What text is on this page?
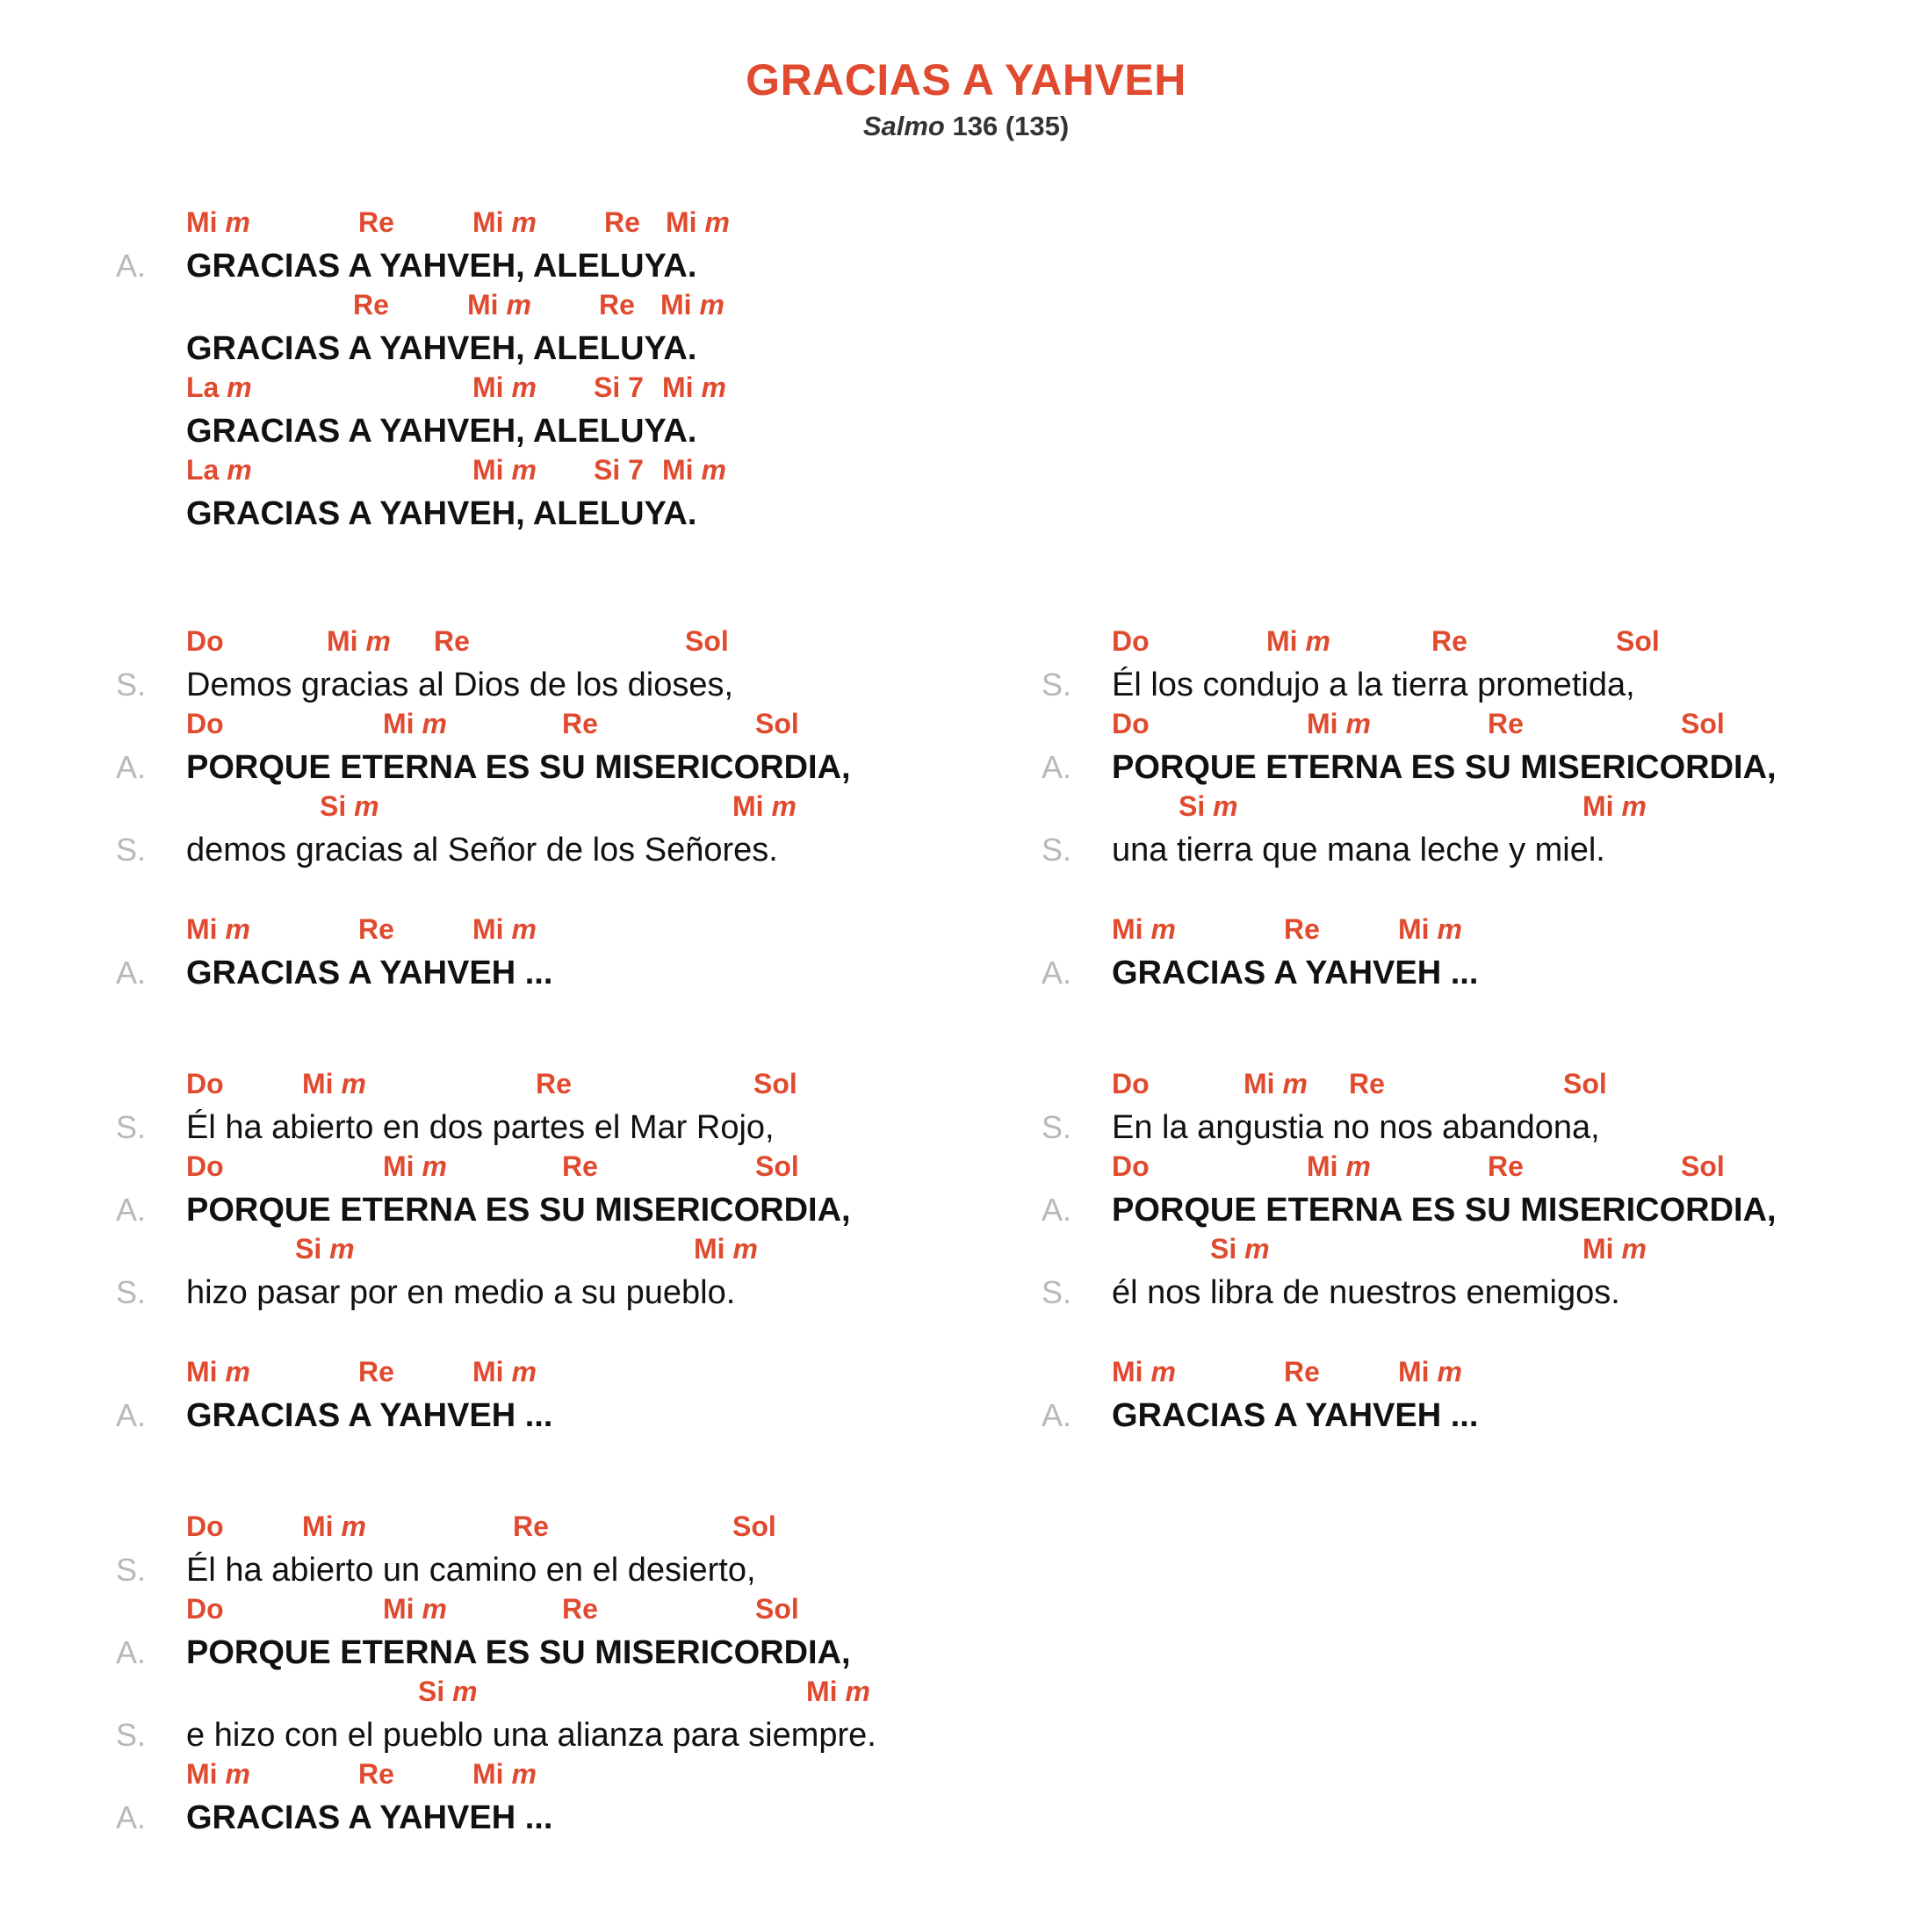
GRACIAS A YAHVEH
Salmo 136 (135)
Mi m	Re	Mi m Re Mi m
A. GRACIAS A YAHVEH, ALELUYA.
Re	Mi m Re Mi m
GRACIAS A YAHVEH, ALELUYA.
La m	Mi m Si 7 Mi m
GRACIAS A YAHVEH, ALELUYA.
La m	Mi m Si 7 Mi m
GRACIAS A YAHVEH, ALELUYA.
Do	Mi m Re	Sol
S. Demos gracias al Dios de los dioses,
Do	Mi m	Re	Sol
A. PORQUE ETERNA ES SU MISERICORDIA,
Si m	Mi m
S. demos gracias al Señor de los Señores.
Mi m	Re	Mi m
A. GRACIAS A YAHVEH ...
Do	Mi m	Re	Sol
S. Él los condujo a la tierra prometida,
Do	Mi m	Re	Sol
A. PORQUE ETERNA ES SU MISERICORDIA,
Si m	Mi m
S. una tierra que mana leche y miel.
Mi m	Re	Mi m
A. GRACIAS A YAHVEH ...
Do	Mi m	Re	Sol
S. Él ha abierto en dos partes el Mar Rojo,
Do	Mi m	Re	Sol
A. PORQUE ETERNA ES SU MISERICORDIA,
Si m	Mi m
S. hizo pasar por en medio a su pueblo.
Mi m	Re	Mi m
A. GRACIAS A YAHVEH ...
Do	Mi m Re	Sol
S. En la angustia no nos abandona,
Do	Mi m	Re	Sol
A. PORQUE ETERNA ES SU MISERICORDIA,
Si m	Mi m
S. él nos libra de nuestros enemigos.
Mi m	Re	Mi m
A. GRACIAS A YAHVEH ...
Do	Mi m	Re	Sol
S. Él ha abierto un camino en el desierto,
Do	Mi m	Re	Sol
A. PORQUE ETERNA ES SU MISERICORDIA,
Si m	Mi m
S. e hizo con el pueblo una alianza para siempre.
Mi m	Re	Mi m
A. GRACIAS A YAHVEH ...
